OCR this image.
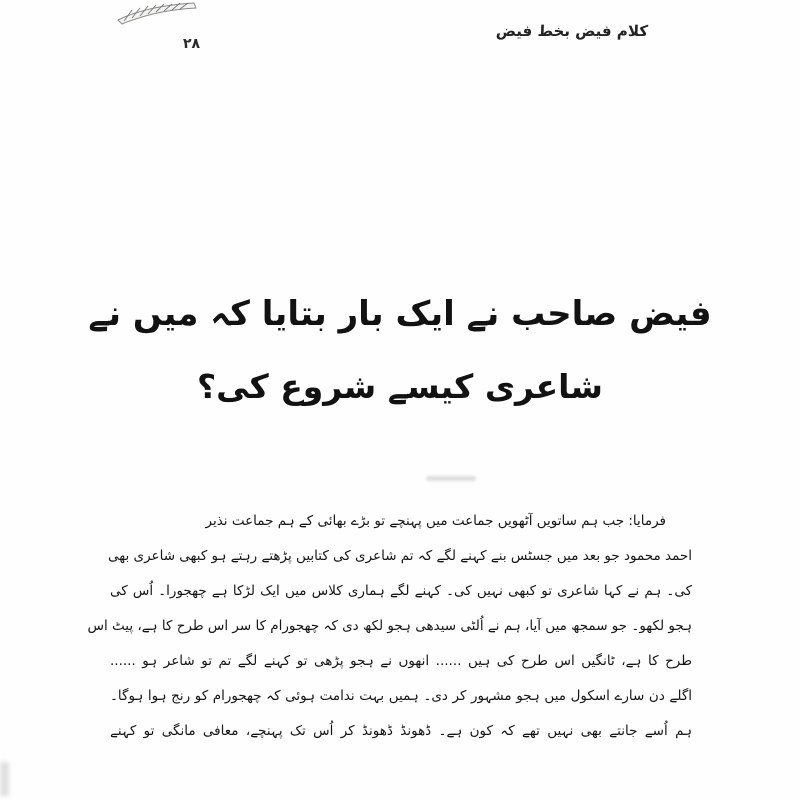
کلام فیض بخط فیض
۲۸
فیض صاحب نے ایک بار بتایا کہ میں نے
شاعری کیسے شروع کی؟
فرمایا: جب ہم ساتویں آٹھویں جماعت میں پہنچے تو بڑے بھائی کے ہم جماعت نذیر
احمد محمود جو بعد میں جسٹس بنے کہنے لگے کہ تم شاعری کی کتابیں پڑھتے رہتے ہو کبھی شاعری بھی
کی۔ ہم نے کہا شاعری تو کبھی نہیں کی۔ کہنے لگے ہماری کلاس میں ایک لڑکا ہے چھجورا۔ اُس کی
ہجو لکھو۔ جو سمجھ میں آیا، ہم نے اُلٹی سیدھی ہجو لکھ دی کہ چھجورام کا سر اس طرح کا ہے، پیٹ اس
طرح کا ہے، ٹانگیں اس طرح کی ہیں ...... انھوں نے ہجو پڑھی تو کہنے لگے تم تو شاعر ہو ......
اگلے دن سارے اسکول میں ہجو مشہور کر دی۔ ہمیں بہت ندامت ہوئی کہ چھجورام کو رنج ہوا ہوگا۔
ہم اُسے جانتے بھی نہیں تھے کہ کون ہے۔ ڈھونڈ ڈھونڈ کر اُس تک پہنچے، معافی مانگی تو کہنے
